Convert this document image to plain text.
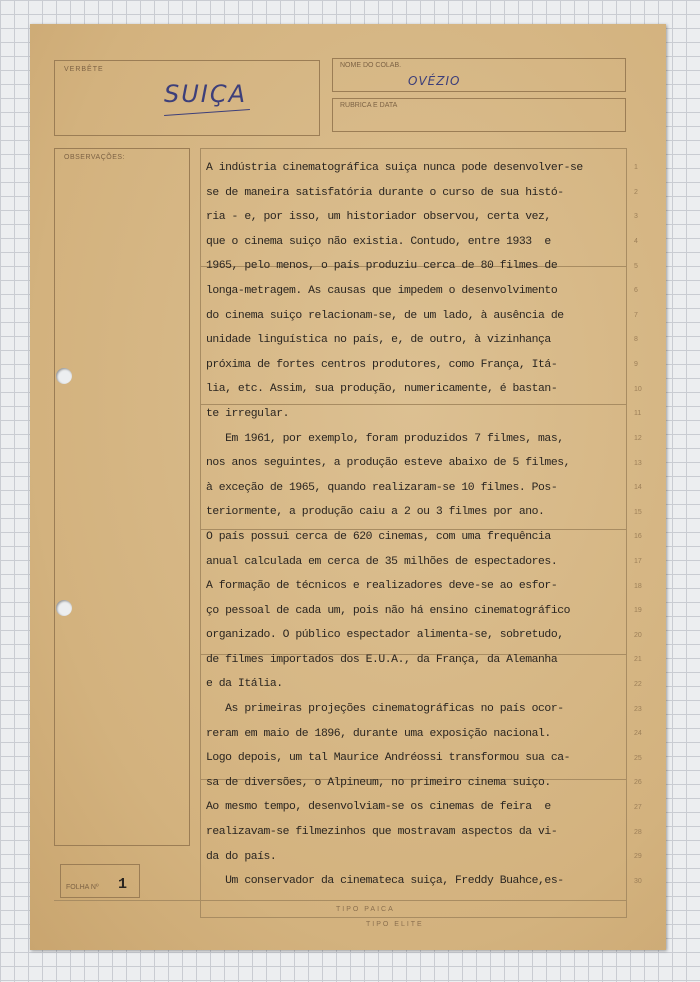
VERBÊTE
SUIÇA
NOME DO COLAB.
OVÉZIO
RUBRICA E DATA
OBSERVAÇÕES:
FOLHA Nº 1
TIPO PAICA
TIPO ELITE
A indústria cinematográfica suiça nunca pode desenvolver-se
se de maneira satisfatória durante o curso de sua histó-
ria - e, por isso, um historiador observou, certa vez,
que o cinema suiço não existia. Contudo, entre 1933  e
1965, pelo menos, o país produziu cerca de 80 filmes de
longa-metragem. As causas que impedem o desenvolvimento
do cinema suiço relacionam-se, de um lado, à ausência de
unidade linguística no país, e, de outro, à vizinhança
próxima de fortes centros produtores, como França, Itá-
lia, etc. Assim, sua produção, numericamente, é bastan-
te irregular.
Em 1961, por exemplo, foram produzidos 7 filmes, mas,
nos anos seguintes, a produção esteve abaixo de 5 filmes,
à exceção de 1965, quando realizaram-se 10 filmes. Pos-
teriormente, a produção caiu a 2 ou 3 filmes por ano.
O país possui cerca de 620 cinemas, com uma frequência
anual calculada em cerca de 35 milhões de espectadores.
A formação de técnicos e realizadores deve-se ao esfor-
ço pessoal de cada um, pois não há ensino cinematográfico
organizado. O público espectador alimenta-se, sobretudo,
de filmes importados dos E.U.A., da França, da Alemanha
e da Itália.
As primeiras projeções cinematográficas no país ocor-
reram em maio de 1896, durante uma exposição nacional.
Logo depois, um tal Maurice Andréossi transformou sua ca-
sa de diversões, o Alpineum, no primeiro cinema suiço.
Ao mesmo tempo, desenvolviam-se os cinemas de feira  e
realizavam-se filmezinhos que mostravam aspectos da vi-
da do país.
Um conservador da cinemateca suiça, Freddy Buahce,es-
1
2
3
4
5
6
7
8
9
10
11
12
13
14
15
16
17
18
19
20
21
22
23
24
25
26
27
28
29
30
